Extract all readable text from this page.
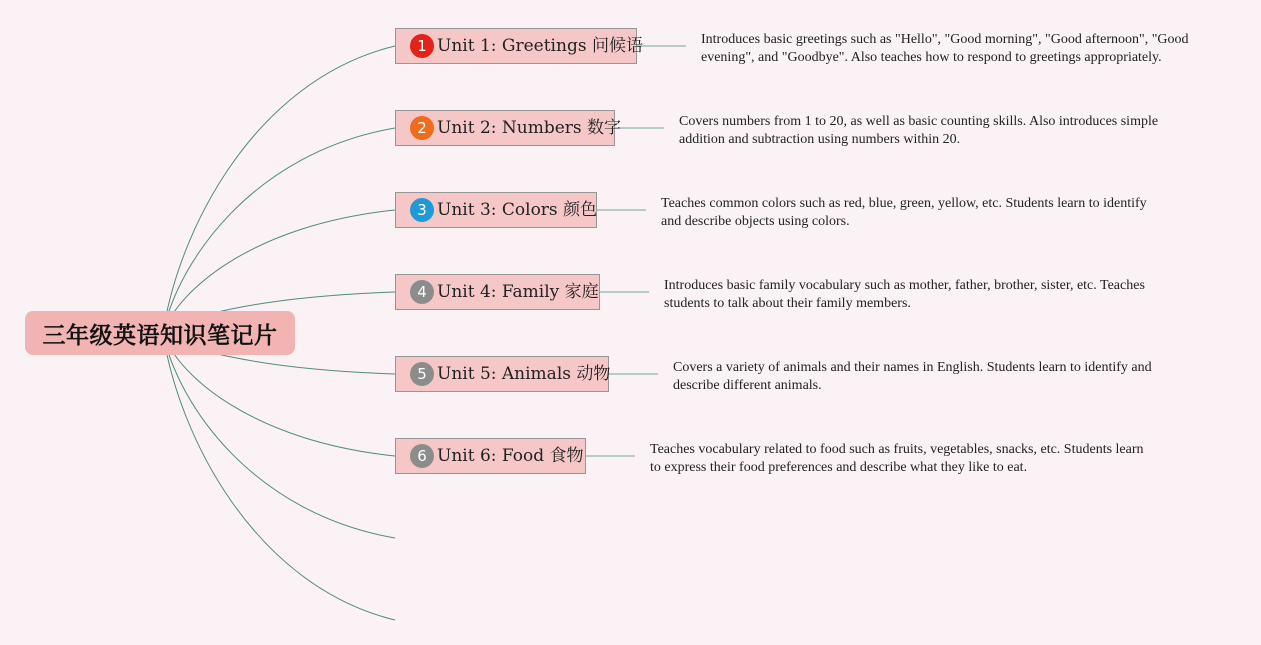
三年级英语知识笔记片
1 Unit 1: Greetings 问候语	Introduces basic greetings such as "Hello", "Good morning", "Good afternoon", "Good evening", and "Goodbye". Also teaches how to respond to greetings appropriately.
2 Unit 2: Numbers 数字	Covers numbers from 1 to 20, as well as basic counting skills. Also introduces simple addition and subtraction using numbers within 20.
3 Unit 3: Colors 颜色	Teaches common colors such as red, blue, green, yellow, etc. Students learn to identify and describe objects using colors.
4 Unit 4: Family 家庭	Introduces basic family vocabulary such as mother, father, brother, sister, etc. Teaches students to talk about their family members.
5 Unit 5: Animals 动物	Covers a variety of animals and their names in English. Students learn to identify and describe different animals.
6 Unit 6: Food 食物	Teaches vocabulary related to food such as fruits, vegetables, snacks, etc. Students learn to express their food preferences and describe what they like to eat.
